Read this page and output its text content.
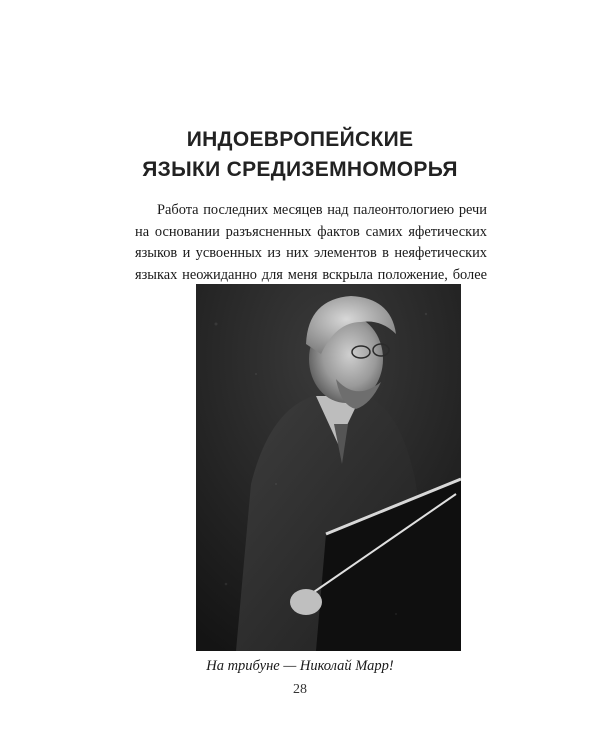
ИНДОЕВРОПЕЙСКИЕ
ЯЗЫКИ СРЕДИЗЕМНОМОРЬЯ
Работа последних месяцев над палеонтологиею речи
на основании разъясненных фактов самих яфетических
языков и усвоенных из них элементов в неяфетических
языках неожиданно для меня вскрыла положение, более
На трибуне — Николай Марр!
28
